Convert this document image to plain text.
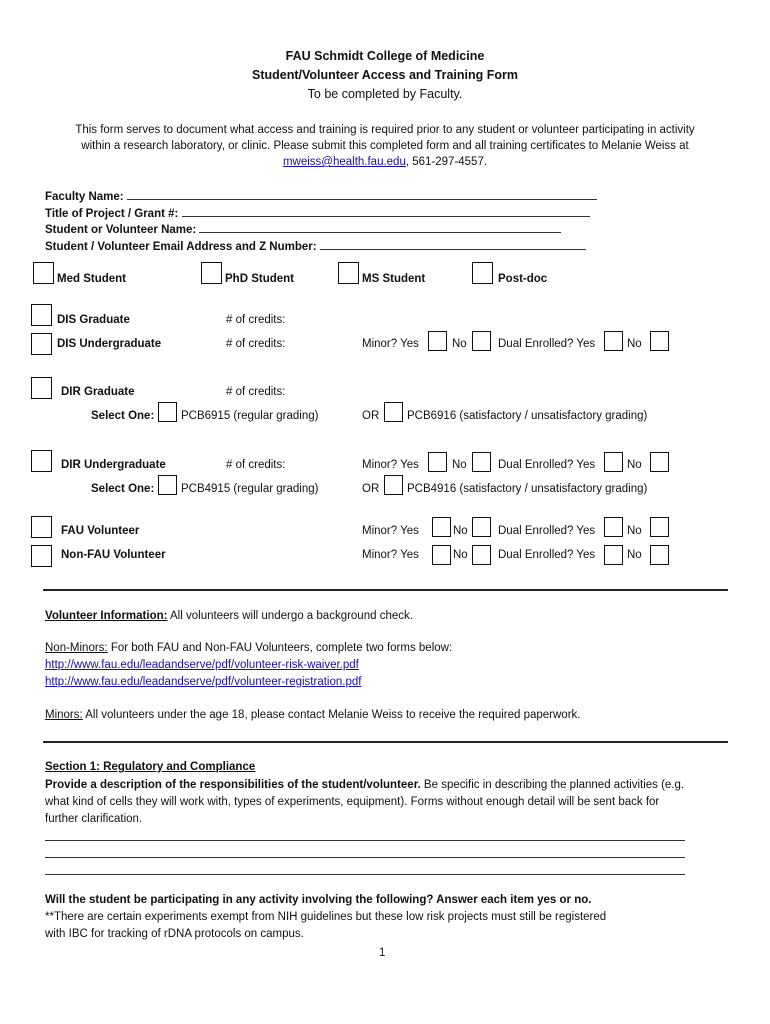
FAU Schmidt College of Medicine
Student/Volunteer Access and Training Form
To be completed by Faculty.
This form serves to document what access and training is required prior to any student or volunteer participating in activity
within a research laboratory, or clinic. Please submit this completed form and all training certificates to Melanie Weiss at
mweiss@health.fau.edu, 561-297-4557.
Faculty Name:
Title of Project / Grant #:
Student or Volunteer Name:
Student / Volunteer Email Address and Z Number:
Med Student	PhD Student	MS Student	Post-doc
DIS Graduate	# of credits:
DIS Undergraduate	# of credits:	Minor? Yes	No	Dual Enrolled? Yes	No
DIR Graduate	# of credits:
Select One: PCB6915 (regular grading)	OR PCB6916 (satisfactory / unsatisfactory grading)
DIR Undergraduate	# of credits:	Minor? Yes	No	Dual Enrolled? Yes	No
Select One: PCB4915 (regular grading)	OR PCB4916 (satisfactory / unsatisfactory grading)
FAU Volunteer	Minor? Yes	No	Dual Enrolled? Yes	No
Non-FAU Volunteer	Minor? Yes	No	Dual Enrolled? Yes	No
Volunteer Information: All volunteers will undergo a background check.
Non-Minors: For both FAU and Non-FAU Volunteers, complete two forms below:
http://www.fau.edu/leadandserve/pdf/volunteer-risk-waiver.pdf
http://www.fau.edu/leadandserve/pdf/volunteer-registration.pdf
Minors: All volunteers under the age 18, please contact Melanie Weiss to receive the required paperwork.
Section 1: Regulatory and Compliance
Provide a description of the responsibilities of the student/volunteer. Be specific in describing the planned activities (e.g.
what kind of cells they will work with, types of experiments, equipment). Forms without enough detail will be sent back for
further clarification.
Will the student be participating in any activity involving the following? Answer each item yes or no.
**There are certain experiments exempt from NIH guidelines but these low risk projects must still be registered
with IBC for tracking of rDNA protocols on campus.
1
